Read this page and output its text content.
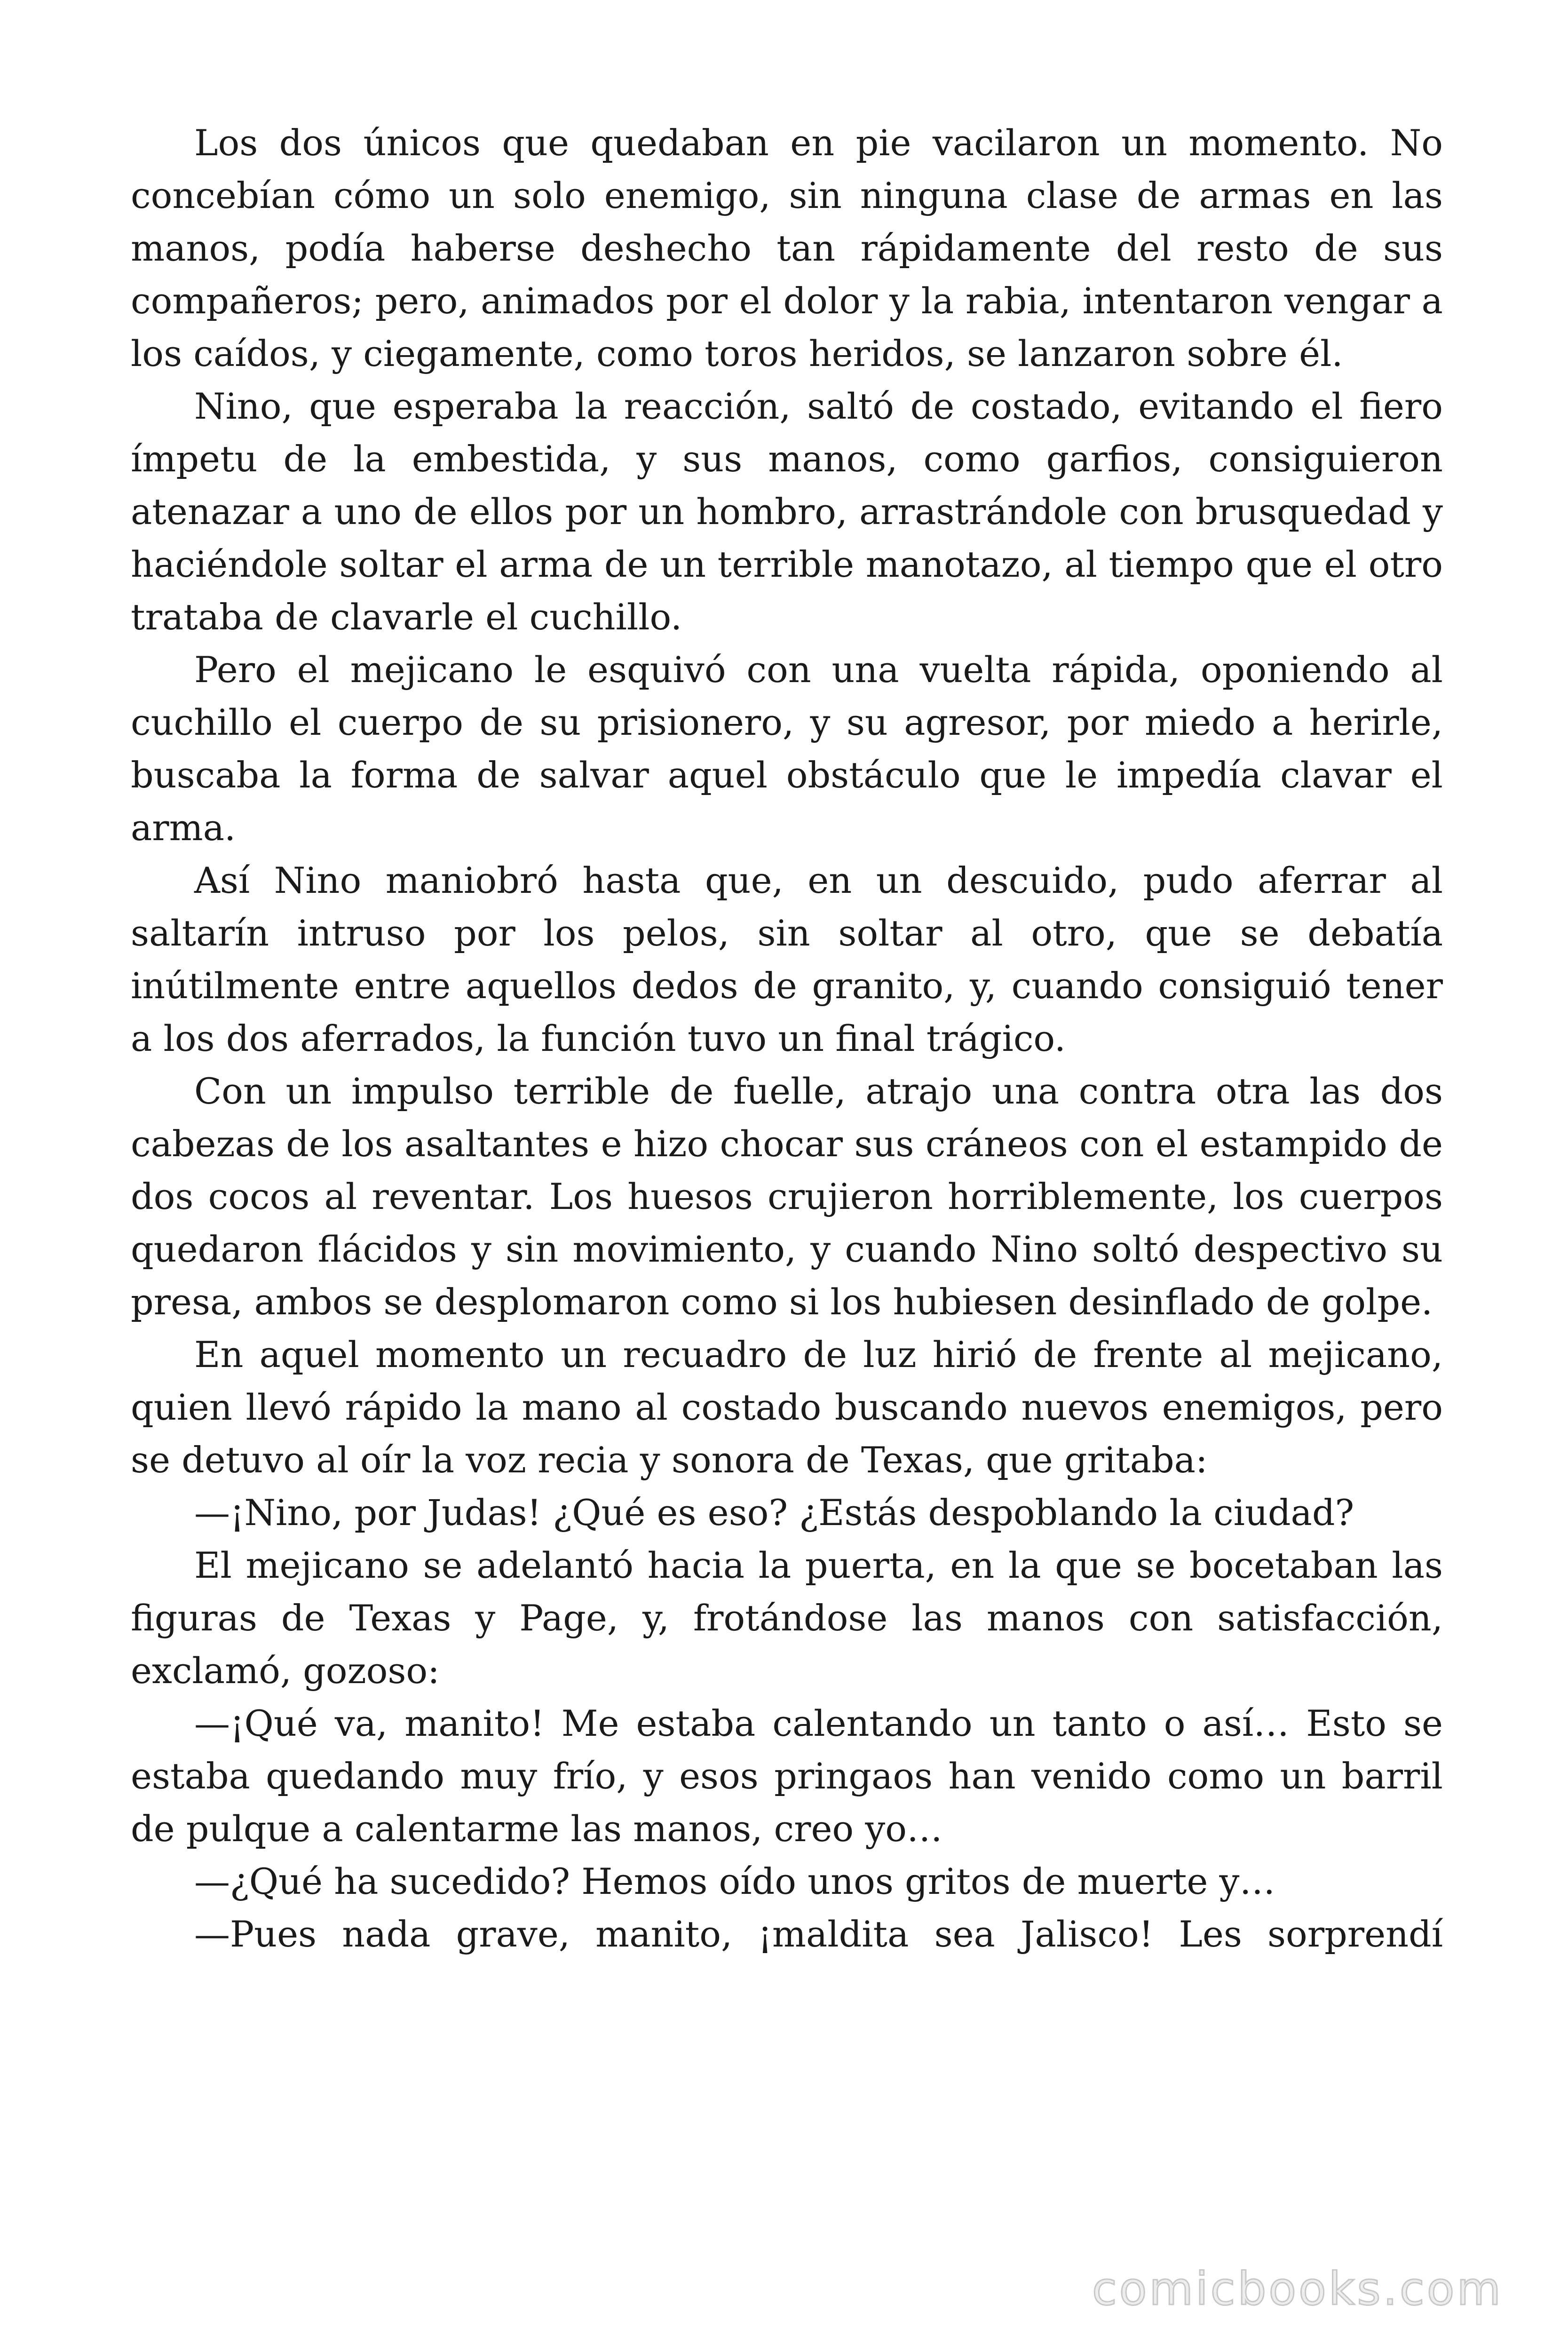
Los dos únicos que quedaban en pie vacilaron un momento. No concebían cómo un solo enemigo, sin ninguna clase de armas en las manos, podía haberse deshecho tan rápidamente del resto de sus compañeros; pero, animados por el dolor y la rabia, intentaron vengar a los caídos, y ciegamente, como toros heridos, se lanzaron sobre él.

Nino, que esperaba la reacción, saltó de costado, evitando el fiero ímpetu de la embestida, y sus manos, como garfios, consiguieron atenazar a uno de ellos por un hombro, arrastrándole con brusquedad y haciéndole soltar el arma de un terrible manotazo, al tiempo que el otro trataba de clavarle el cuchillo.

Pero el mejicano le esquivó con una vuelta rápida, oponiendo al cuchillo el cuerpo de su prisionero, y su agresor, por miedo a herirle, buscaba la forma de salvar aquel obstáculo que le impedía clavar el arma.

Así Nino maniobró hasta que, en un descuido, pudo aferrar al saltarín intruso por los pelos, sin soltar al otro, que se debatía inútilmente entre aquellos dedos de granito, y, cuando consiguió tener a los dos aferrados, la función tuvo un final trágico.

Con un impulso terrible de fuelle, atrajo una contra otra las dos cabezas de los asaltantes e hizo chocar sus cráneos con el estampido de dos cocos al reventar. Los huesos crujieron horriblemente, los cuerpos quedaron flácidos y sin movimiento, y cuando Nino soltó despectivo su presa, ambos se desplomaron como si los hubiesen desinflado de golpe.

En aquel momento un recuadro de luz hirió de frente al mejicano, quien llevó rápido la mano al costado buscando nuevos enemigos, pero se detuvo al oír la voz recia y sonora de Texas, que gritaba:

—¡Nino, por Judas! ¿Qué es eso? ¿Estás despoblando la ciudad?

El mejicano se adelantó hacia la puerta, en la que se bocetaban las figuras de Texas y Page, y, frotándose las manos con satisfacción, exclamó, gozoso:

—¡Qué va, manito! Me estaba calentando un tanto o así… Esto se estaba quedando muy frío, y esos pringaos han venido como un barril de pulque a calentarme las manos, creo yo…

—¿Qué ha sucedido? Hemos oído unos gritos de muerte y…

—Pues nada grave, manito, ¡maldita sea Jalisco! Les sorprendí

comicbooks.com
